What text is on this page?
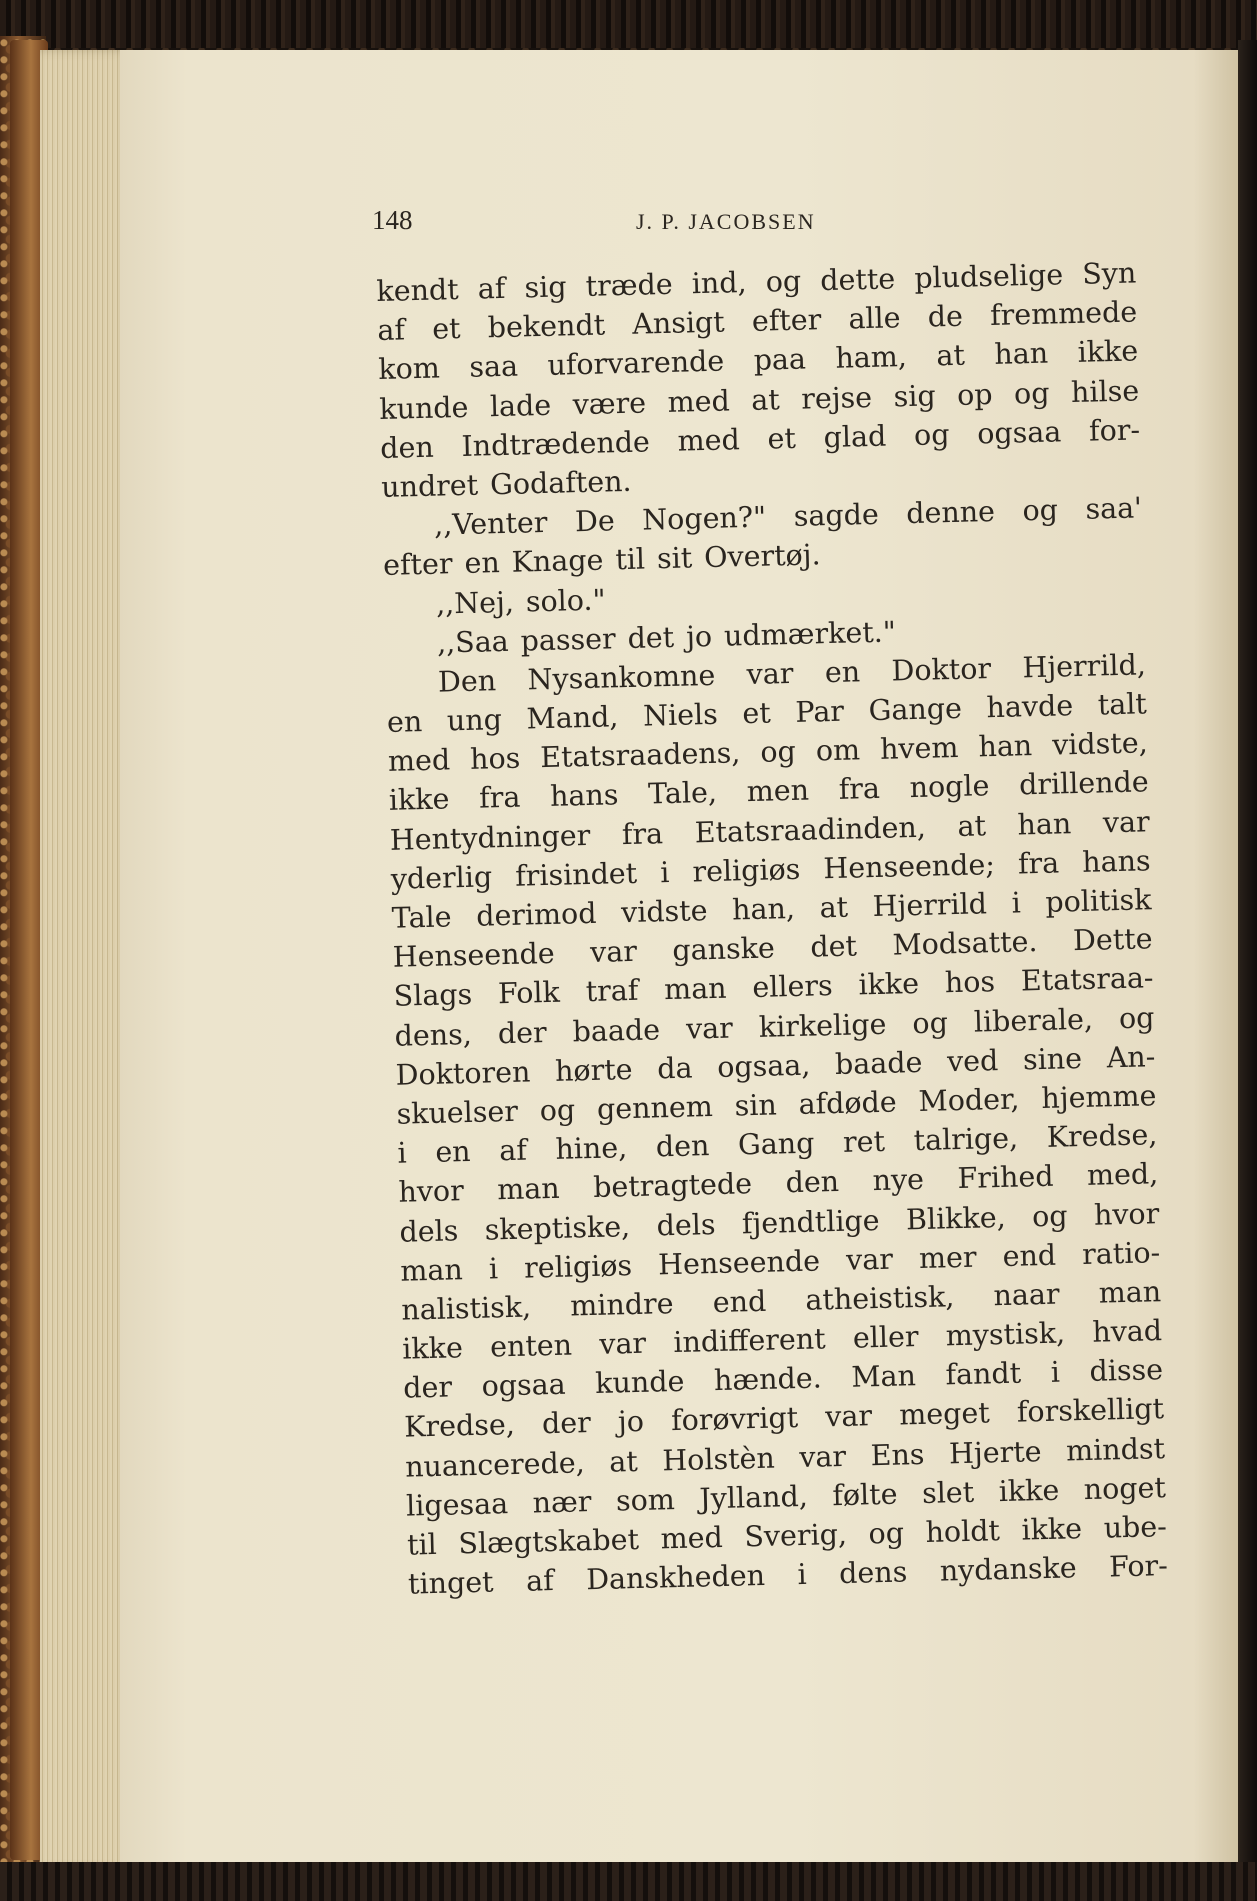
148	J. P. JACOBSEN
kendt af sig træde ind, og dette pludselige Syn
af et bekendt Ansigt efter alle de fremmede
kom saa uforvarende paa ham, at han ikke
kunde lade være med at rejse sig op og hilse
den Indtrædende med et glad og ogsaa for-
undret Godaften.
,,Venter De Nogen?" sagde denne og saa'
efter en Knage til sit Overtøj.
,,Nej, solo."
,,Saa passer det jo udmærket."
Den Nysankomne var en Doktor Hjerrild,
en ung Mand, Niels et Par Gange havde talt
med hos Etatsraadens, og om hvem han vidste,
ikke fra hans Tale, men fra nogle drillende
Hentydninger fra Etatsraadinden, at han var
yderlig frisindet i religiøs Henseende; fra hans
Tale derimod vidste han, at Hjerrild i politisk
Henseende var ganske det Modsatte. Dette
Slags Folk traf man ellers ikke hos Etatsraa-
dens, der baade var kirkelige og liberale, og
Doktoren hørte da ogsaa, baade ved sine An-
skuelser og gennem sin afdøde Moder, hjemme
i en af hine, den Gang ret talrige, Kredse,
hvor man betragtede den nye Frihed med,
dels skeptiske, dels fjendtlige Blikke, og hvor
man i religiøs Henseende var mer end ratio-
nalistisk, mindre end atheistisk, naar man
ikke enten var indifferent eller mystisk, hvad
der ogsaa kunde hænde. Man fandt i disse
Kredse, der jo forøvrigt var meget forskelligt
nuancerede, at Holstèn var Ens Hjerte mindst
ligesaa nær som Jylland, følte slet ikke noget
til Slægtskabet med Sverig, og holdt ikke ube-
tinget af Danskheden i dens nydanske For-
